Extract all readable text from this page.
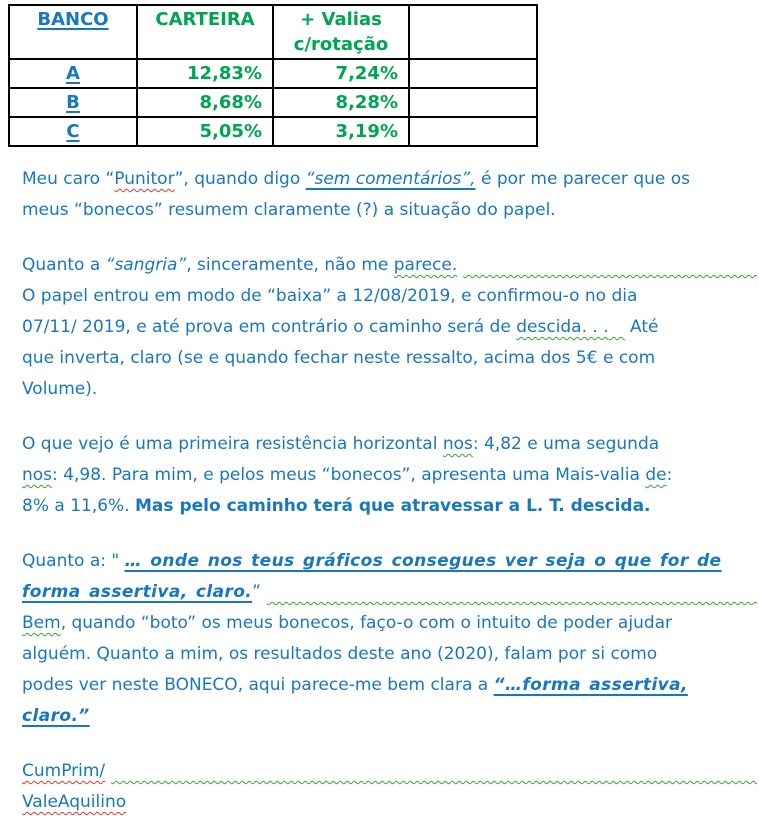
BANCO	CARTEIRA	+ Valias
c/rotação	

A	12,83%	7,24%	
B	8,68%	8,28%	
C	5,05%	3,19%	
Meu caro “ Punitor ”, quando digo “sem comentários”, é por me parecer que os
meus “bonecos” resumem claramente (?) a situação do papel.
Quanto a “sangria” , sinceramente, não me parece.

O papel entrou em modo de “baixa” a 12/08/2019, e confirmou-o no dia
07/11/ 2019, e até prova em contrário o caminho será de descida. . .
Até
que inverta, claro (se e quando fechar neste ressalto, acima dos 5€ e com
Volume).
O que vejo é uma primeira resistência horizontal nos : 4,82 e uma segunda
nos : 4,98. Para mim, e pelos meus “bonecos”, apresenta uma Mais-valia de :
8% a 11,6%. Mas pelo caminho terá que atravessar a L. T. descida.
Quanto a: " … onde nos teus gráficos consegues ver seja o que for de
forma assertiva, claro. ”

Bem , quando “boto” os meus bonecos, faço-o com o intuito de poder ajudar
alguém. Quanto a mim, os resultados deste ano (2020), falam por si como
podes ver neste BONECO, aqui parece-me bem clara a “…forma assertiva,
claro.”
CumPrim/

ValeAquilino
